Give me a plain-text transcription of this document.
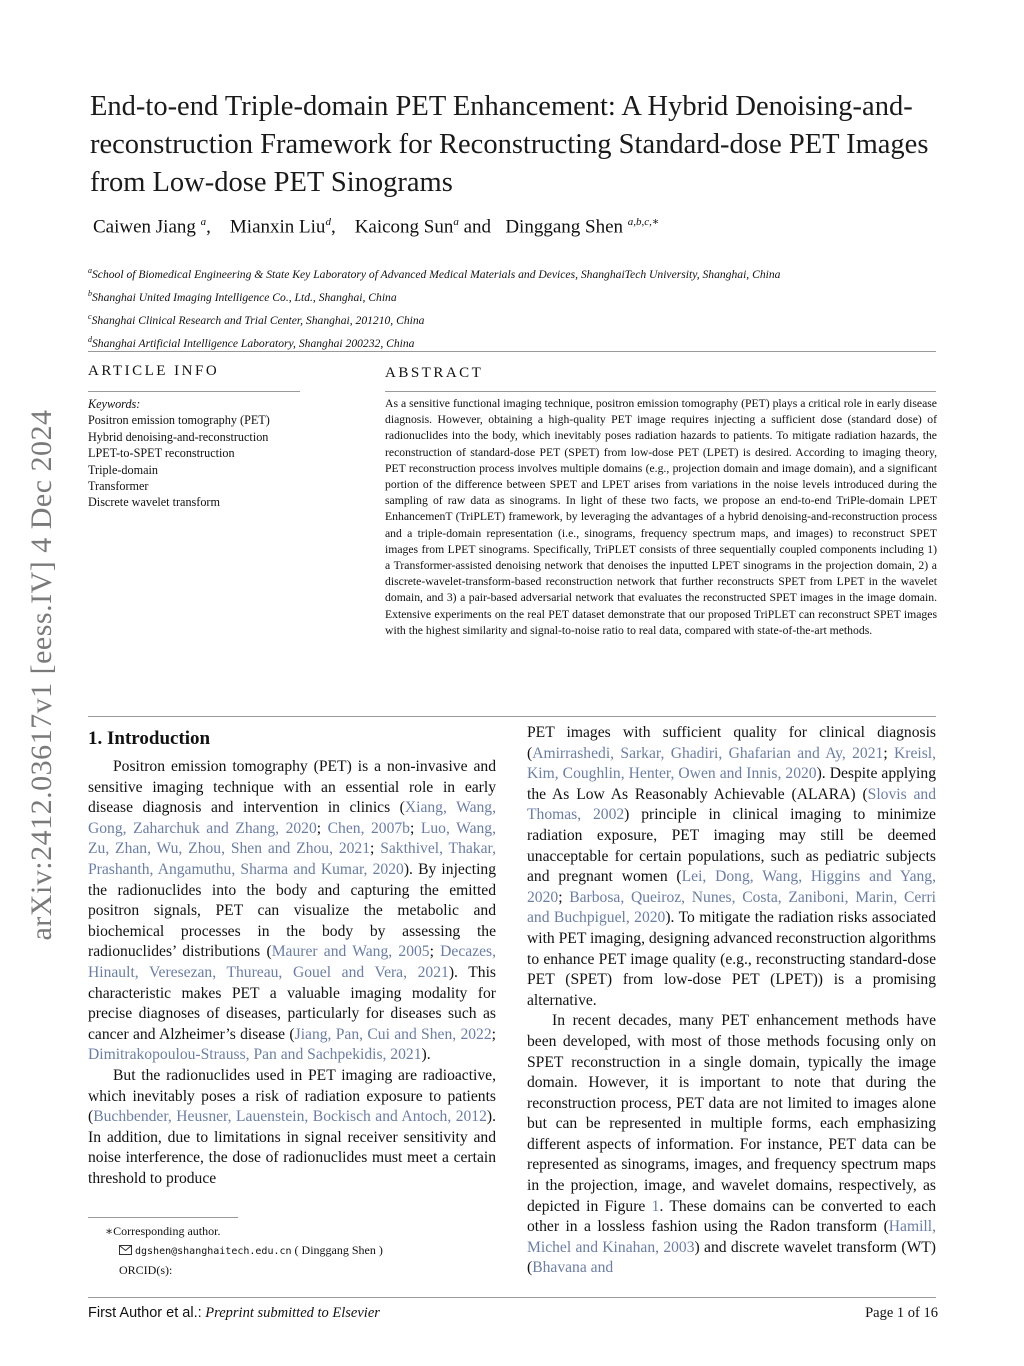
arXiv:2412.03617v1 [eess.IV] 4 Dec 2024
End-to-end Triple-domain PET Enhancement: A Hybrid Denoising-and-reconstruction Framework for Reconstructing Standard-dose PET Images from Low-dose PET Sinograms
Caiwen Jiang $^a$,    Mianxin Liu$^d$,    Kaicong Sun$^a$ and Dinggang Shen $^{a,b,c,∗}$
$^a$School of Biomedical Engineering & State Key Laboratory of Advanced Medical Materials and Devices, ShanghaiTech University, Shanghai, China
$^b$Shanghai United Imaging Intelligence Co., Ltd., Shanghai, China
$^c$Shanghai Clinical Research and Trial Center, Shanghai, 201210, China
$^d$Shanghai Artificial Intelligence Laboratory, Shanghai 200232, China
ARTICLE INFO
Keywords:
Positron emission tomography (PET)
Hybrid denoising-and-reconstruction
LPET-to-SPET reconstruction
Triple-domain
Transformer
Discrete wavelet transform
ABSTRACT
As a sensitive functional imaging technique, positron emission tomography (PET) plays a critical role in early disease diagnosis. However, obtaining a high-quality PET image requires injecting a sufficient dose (standard dose) of radionuclides into the body, which inevitably poses radiation hazards to patients. To mitigate radiation hazards, the reconstruction of standard-dose PET (SPET) from low-dose PET (LPET) is desired. According to imaging theory, PET reconstruction process involves multiple domains (e.g., projection domain and image domain), and a significant portion of the difference between SPET and LPET arises from variations in the noise levels introduced during the sampling of raw data as sinograms. In light of these two facts, we propose an end-to-end TriPle-domain LPET EnhancemenT (TriPLET) framework, by leveraging the advantages of a hybrid denoising-and-reconstruction process and a triple-domain representation (i.e., sinograms, frequency spectrum maps, and images) to reconstruct SPET images from LPET sinograms. Specifically, TriPLET consists of three sequentially coupled components including 1) a Transformer-assisted denoising network that denoises the inputted LPET sinograms in the projection domain, 2) a discrete-wavelet-transform-based reconstruction network that further reconstructs SPET from LPET in the wavelet domain, and 3) a pair-based adversarial network that evaluates the reconstructed SPET images in the image domain. Extensive experiments on the real PET dataset demonstrate that our proposed TriPLET can reconstruct SPET images with the highest similarity and signal-to-noise ratio to real data, compared with state-of-the-art methods.
1. Introduction

Positron emission tomography (PET) is a non-invasive and sensitive imaging technique with an essential role in early disease diagnosis and intervention in clinics (Xiang, Wang, Gong, Zaharchuk and Zhang, 2020; Chen, 2007b; Luo, Wang, Zu, Zhan, Wu, Zhou, Shen and Zhou, 2021; Sakthivel, Thakar, Prashanth, Angamuthu, Sharma and Kumar, 2020). By injecting the radionuclides into the body and capturing the emitted positron signals, PET can visualize the metabolic and biochemical processes in the body by assessing the radionuclides’ distributions (Maurer and Wang, 2005; Decazes, Hinault, Veresezan, Thureau, Gouel and Vera, 2021). This characteristic makes PET a valuable imaging modality for precise diagnoses of diseases, particularly for diseases such as cancer and Alzheimer’s disease (Jiang, Pan, Cui and Shen, 2022; Dimitrakopoulou-Strauss, Pan and Sachpekidis, 2021).

But the radionuclides used in PET imaging are radioactive, which inevitably poses a risk of radiation exposure to patients (Buchbender, Heusner, Lauenstein, Bockisch and Antoch, 2012). In addition, due to limitations in signal receiver sensitivity and noise interference, the dose of radionuclides must meet a certain threshold to produce

PET images with sufficient quality for clinical diagnosis (Amirrashedi, Sarkar, Ghadiri, Ghafarian and Ay, 2021; Kreisl, Kim, Coughlin, Henter, Owen and Innis, 2020). Despite applying the As Low As Reasonably Achievable (ALARA) (Slovis and Thomas, 2002) principle in clinical imaging to minimize radiation exposure, PET imaging may still be deemed unacceptable for certain populations, such as pediatric subjects and pregnant women (Lei, Dong, Wang, Higgins and Yang, 2020; Barbosa, Queiroz, Nunes, Costa, Zaniboni, Marin, Cerri and Buchpiguel, 2020). To mitigate the radiation risks associated with PET imaging, designing advanced reconstruction algorithms to enhance PET image quality (e.g., reconstructing standard-dose PET (SPET) from low-dose PET (LPET)) is a promising alternative.

In recent decades, many PET enhancement methods have been developed, with most of those methods focusing only on SPET reconstruction in a single domain, typically the image domain. However, it is important to note that during the reconstruction process, PET data are not limited to images alone but can be represented in multiple forms, each emphasizing different aspects of information. For instance, PET data can be represented as sinograms, images, and frequency spectrum maps in the projection, image, and wavelet domains, respectively, as depicted in Figure 1. These domains can be converted to each other in a lossless fashion using the Radon transform (Hamill, Michel and Kinahan, 2003) and discrete wavelet transform (WT) (Bhavana and

∗Corresponding author.
dgshen@shanghaitech.edu.cn ( Dinggang Shen )
ORCID(s):
First Author et al.: Preprint submitted to Elsevier	Page 1 of 16
